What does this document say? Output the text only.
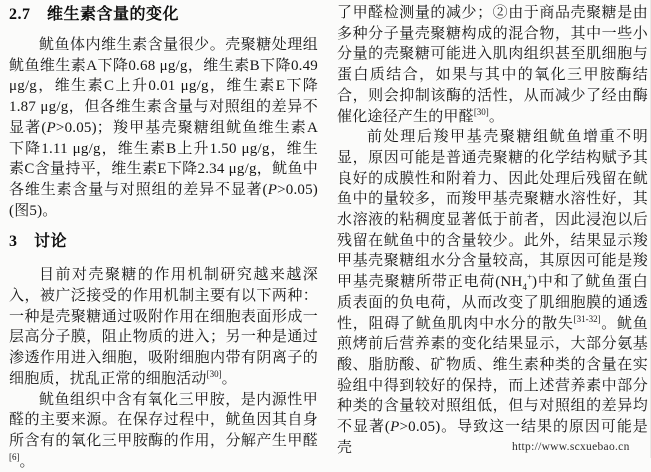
2.7　维生素含量的变化

鱿鱼体内维生素含量很少。壳聚糖处理组鱿鱼维生素A下降0.68 μg/g，维生素B下降0.49 μg/g，维生素C上升0.01 μg/g，维生素E下降1.87 μg/g，但各维生素含量与对照组的差异不显著(P>0.05)；羧甲基壳聚糖组鱿鱼维生素A下降1.11 μg/g，维生素B上升1.50 μg/g，维生素C含量持平，维生素E下降2.34 μg/g，鱿鱼中各维生素含量与对照组的差异不显著(P>0.05)(图5)。

3　讨论

目前对壳聚糖的作用机制研究越来越深入，被广泛接受的作用机制主要有以下两种：一种是壳聚糖通过吸附作用在细胞表面形成一层高分子膜，阻止物质的进入；另一种是通过渗透作用进入细胞，吸附细胞内带有阴离子的细胞质，扰乱正常的细胞活动[30]。

鱿鱼组织中含有氧化三甲胺，是内源性甲醛的主要来源。在保存过程中，鱿鱼因其自身所含有的氧化三甲胺酶的作用，分解产生甲醛[6]。

了甲醛检测量的减少；②由于商品壳聚糖是由多种分子量壳聚糖构成的混合物，其中一些小分量的壳聚糖可能进入肌肉组织甚至肌细胞与蛋白质结合，如果与其中的氧化三甲胺酶结合，则会抑制该酶的活性，从而减少了经由酶催化途径产生的甲醛[30]。

前处理后羧甲基壳聚糖组鱿鱼增重不明显，原因可能是普通壳聚糖的化学结构赋予其良好的成膜性和附着力、因此处理后残留在鱿鱼中的量较多，而羧甲基壳聚糖水溶性好，其水溶液的粘稠度显著低于前者，因此浸泡以后残留在鱿鱼中的含量较少。此外，结果显示羧甲基壳聚糖组水分含量较高，其原因可能是羧甲基壳聚糖所带正电荷$(NH_4^+)$中和了鱿鱼蛋白质表面的负电荷，从而改变了肌细胞膜的通透性，阻碍了鱿鱼肌肉中水分的散失[31-32]。鱿鱼煎烤前后营养素的变化结果显示，大部分氨基酸、脂肪酸、矿物质、维生素种类的含量在实验组中得到较好的保持，而上述营养素中部分种类的含量较对照组低，但与对照组的差异均不显著(P>0.05)。导致这一结果的原因可能是壳	http://www.scxuebao.cn
